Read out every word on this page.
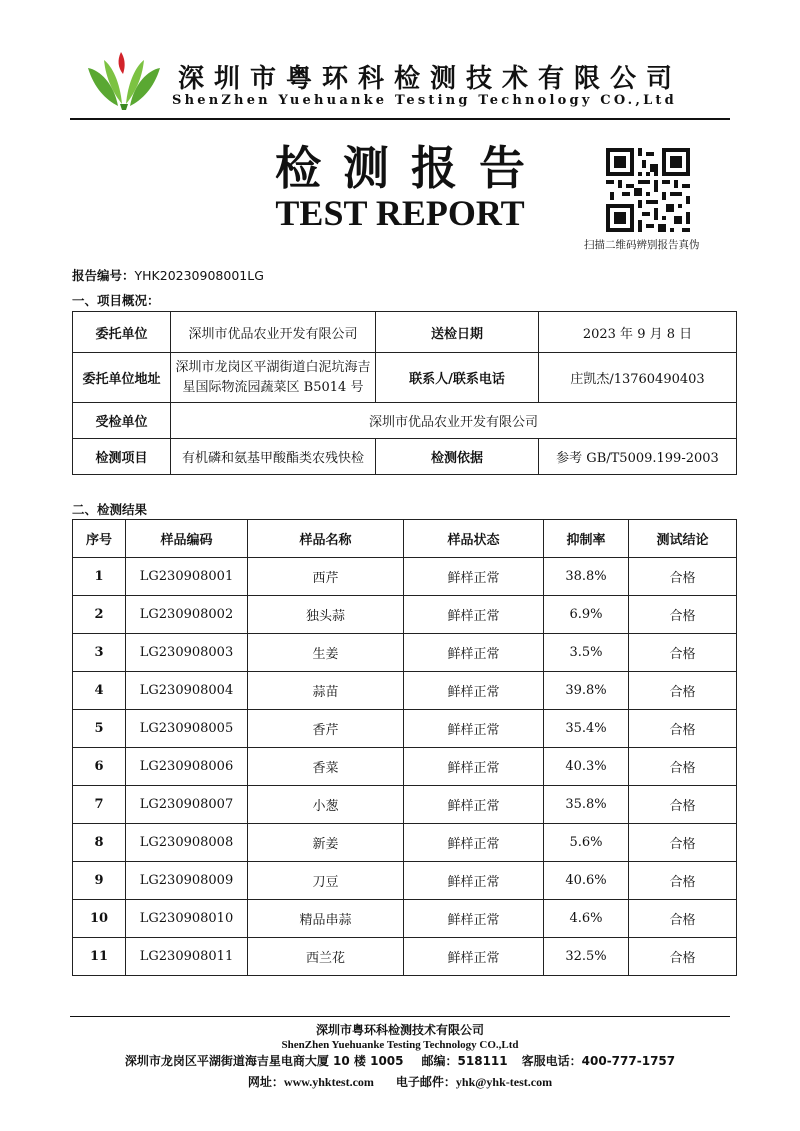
深圳市粤环科检测技术有限公司
ShenZhen Yuehuanke Testing Technology CO.,Ltd
检测报告
TEST REPORT
扫描二维码辨别报告真伪
报告编号：YHK20230908001LG
一、项目概况：
委托单位	深圳市优品农业开发有限公司	送检日期	2023 年 9 月 8 日
委托单位地址	深圳市龙岗区平湖街道白泥坑海吉星国际物流园蔬菜区 B5014 号	联系人/联系电话	庄凯杰/13760490403
受检单位	深圳市优品农业开发有限公司		
检测项目	有机磷和氨基甲酸酯类农残快检	检测依据	参考 GB/T5009.199-2003
二、检测结果
序号	样品编码	样品名称	样品状态	抑制率	测试结论
1	LG230908001	西芹	鲜样正常	38.8%	合格
2	LG230908002	独头蒜	鲜样正常	6.9%	合格
3	LG230908003	生姜	鲜样正常	3.5%	合格
4	LG230908004	蒜苗	鲜样正常	39.8%	合格
5	LG230908005	香芹	鲜样正常	35.4%	合格
6	LG230908006	香菜	鲜样正常	40.3%	合格
7	LG230908007	小葱	鲜样正常	35.8%	合格
8	LG230908008	新姜	鲜样正常	5.6%	合格
9	LG230908009	刀豆	鲜样正常	40.6%	合格
10	LG230908010	精品串蒜	鲜样正常	4.6%	合格
11	LG230908011	西兰花	鲜样正常	32.5%	合格
深圳市粤环科检测技术有限公司
ShenZhen Yuehuanke Testing Technology CO.,Ltd
深圳市龙岗区平湖街道海吉星电商大厦 10 楼 1005 邮编：518111 客服电话：400-777-1757
网址：www.yhktest.com 电子邮件：yhk@yhk-test.com
